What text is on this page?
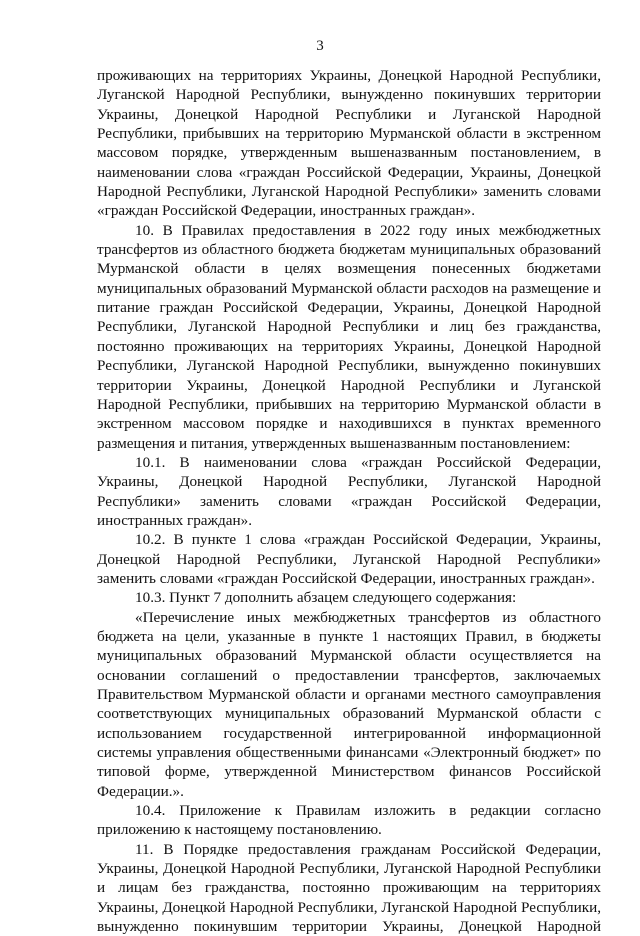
3

проживающих на территориях Украины, Донецкой Народной Республики, Луганской Народной Республики, вынужденно покинувших территории Украины, Донецкой Народной Республики и Луганской Народной Республики, прибывших на территорию Мурманской области в экстренном массовом порядке, утвержденным вышеназванным постановлением, в наименовании слова «граждан Российской Федерации, Украины, Донецкой Народной Республики, Луганской Народной Республики» заменить словами «граждан Российской Федерации, иностранных граждан».

10. В Правилах предоставления в 2022 году иных межбюджетных трансфертов из областного бюджета бюджетам муниципальных образований Мурманской области в целях возмещения понесенных бюджетами муниципальных образований Мурманской области расходов на размещение и питание граждан Российской Федерации, Украины, Донецкой Народной Республики, Луганской Народной Республики и лиц без гражданства, постоянно проживающих на территориях Украины, Донецкой Народной Республики, Луганской Народной Республики, вынужденно покинувших территории Украины, Донецкой Народной Республики и Луганской Народной Республики, прибывших на территорию Мурманской области в экстренном массовом порядке и находившихся в пунктах временного размещения и питания, утвержденных вышеназванным постановлением:

10.1. В наименовании слова «граждан Российской Федерации, Украины, Донецкой Народной Республики, Луганской Народной Республики» заменить словами «граждан Российской Федерации, иностранных граждан».

10.2. В пункте 1 слова «граждан Российской Федерации, Украины, Донецкой Народной Республики, Луганской Народной Республики» заменить словами «граждан Российской Федерации, иностранных граждан».

10.3. Пункт 7 дополнить абзацем следующего содержания:

«Перечисление иных межбюджетных трансфертов из областного бюджета на цели, указанные в пункте 1 настоящих Правил, в бюджеты муниципальных образований Мурманской области осуществляется на основании соглашений о предоставлении трансфертов, заключаемых Правительством Мурманской области и органами местного самоуправления соответствующих муниципальных образований Мурманской области с использованием государственной интегрированной информационной системы управления общественными финансами «Электронный бюджет» по типовой форме, утвержденной Министерством финансов Российской Федерации.».

10.4. Приложение к Правилам изложить в редакции согласно приложению к настоящему постановлению.

11. В Порядке предоставления гражданам Российской Федерации, Украины, Донецкой Народной Республики, Луганской Народной Республики и лицам без гражданства, постоянно проживающим на территориях Украины, Донецкой Народной Республики, Луганской Народной Республики, вынужденно покинувшим территории Украины, Донецкой Народной
